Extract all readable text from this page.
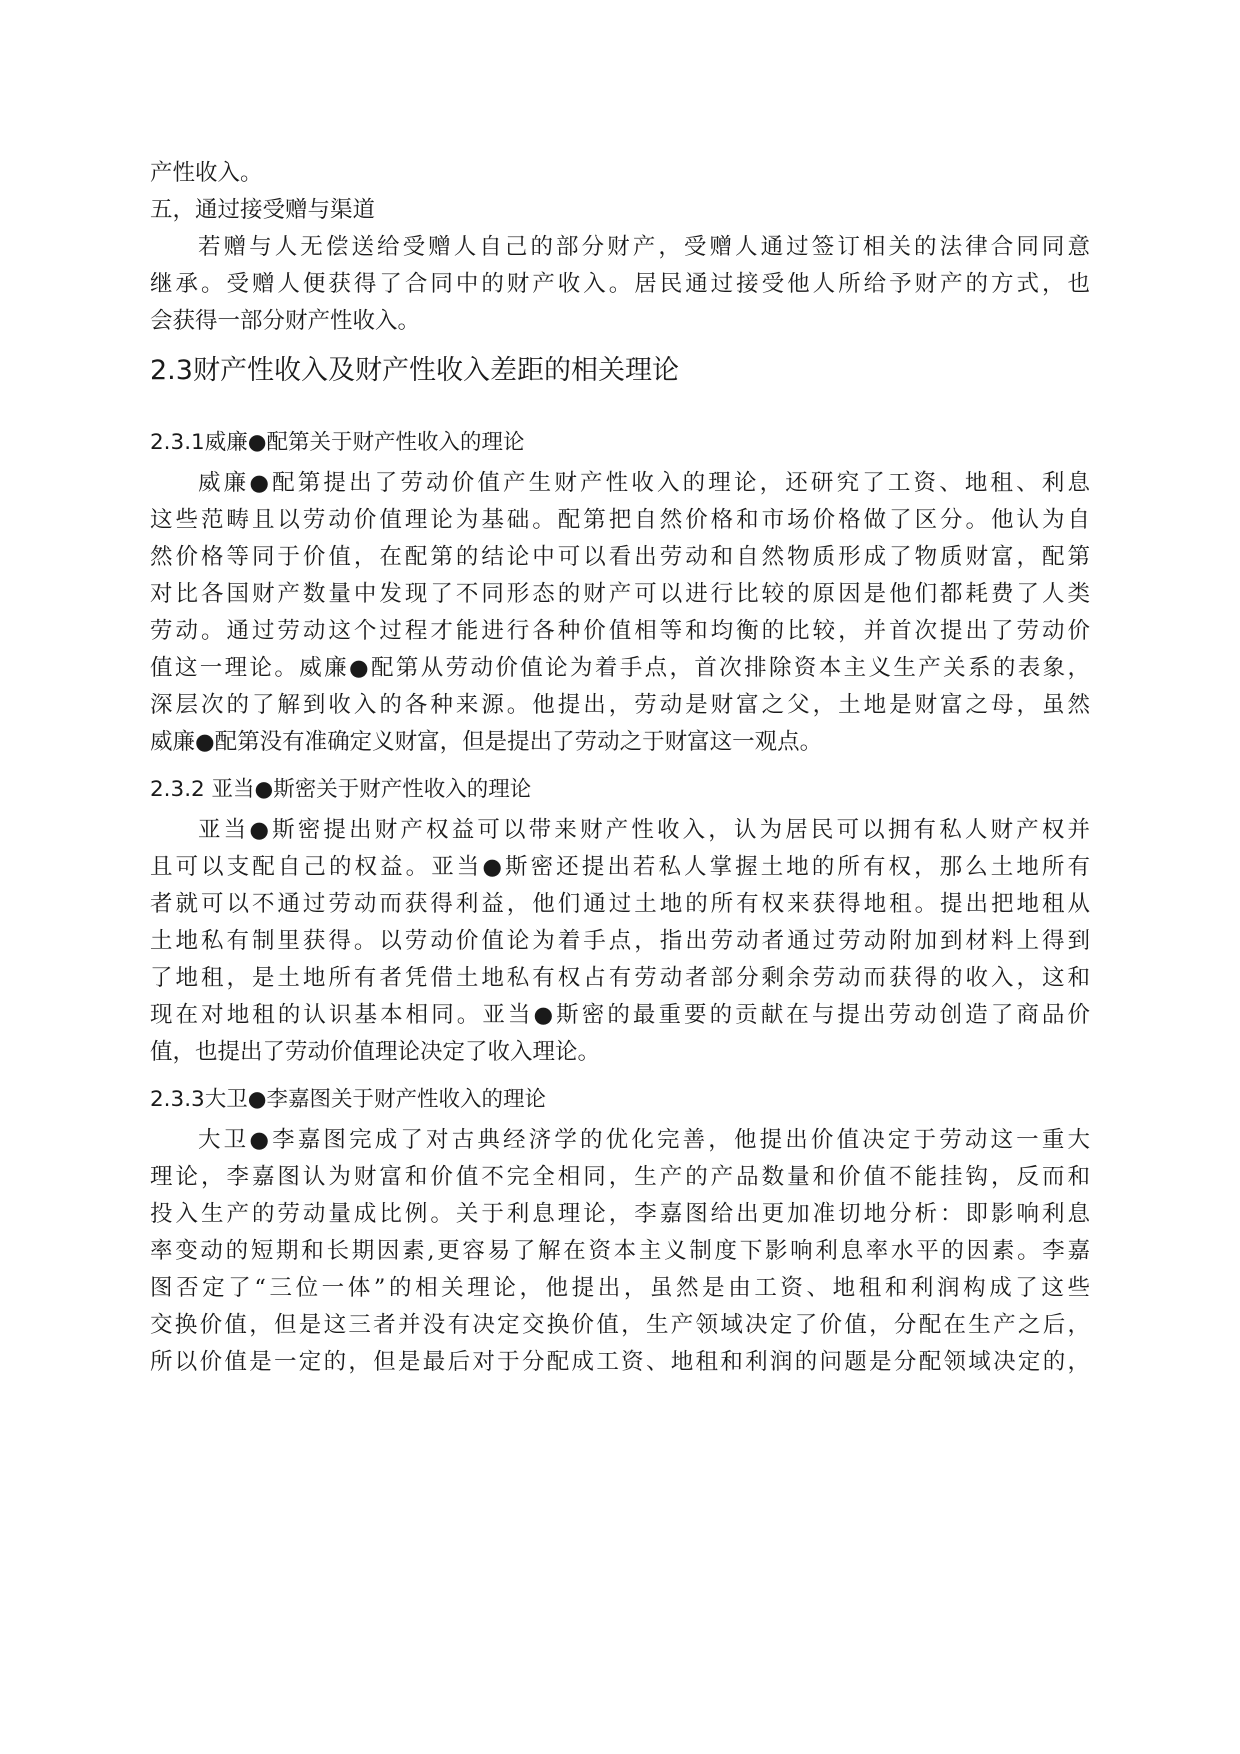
产性收入。
五，通过接受赠与渠道
若赠与人无偿送给受赠人自己的部分财产，受赠人通过签订相关的法律合同同意
继承。受赠人便获得了合同中的财产收入。居民通过接受他人所给予财产的方式，也
会获得一部分财产性收入。
2.3财产性收入及财产性收入差距的相关理论
2.3.1威廉●配第关于财产性收入的理论
威廉●配第提出了劳动价值产生财产性收入的理论，还研究了工资、地租、利息
这些范畴且以劳动价值理论为基础。配第把自然价格和市场价格做了区分。他认为自
然价格等同于价值，在配第的结论中可以看出劳动和自然物质形成了物质财富，配第
对比各国财产数量中发现了不同形态的财产可以进行比较的原因是他们都耗费了人类
劳动。通过劳动这个过程才能进行各种价值相等和均衡的比较，并首次提出了劳动价
值这一理论。威廉●配第从劳动价值论为着手点，首次排除资本主义生产关系的表象，
深层次的了解到收入的各种来源。他提出，劳动是财富之父，土地是财富之母，虽然
威廉●配第没有准确定义财富，但是提出了劳动之于财富这一观点。
2.3.2 亚当●斯密关于财产性收入的理论
亚当●斯密提出财产权益可以带来财产性收入，认为居民可以拥有私人财产权并
且可以支配自己的权益。亚当●斯密还提出若私人掌握土地的所有权，那么土地所有
者就可以不通过劳动而获得利益，他们通过土地的所有权来获得地租。提出把地租从
土地私有制里获得。以劳动价值论为着手点，指出劳动者通过劳动附加到材料上得到
了地租，是土地所有者凭借土地私有权占有劳动者部分剩余劳动而获得的收入，这和
现在对地租的认识基本相同。亚当●斯密的最重要的贡献在与提出劳动创造了商品价
值，也提出了劳动价值理论决定了收入理论。
2.3.3大卫●李嘉图关于财产性收入的理论
大卫●李嘉图完成了对古典经济学的优化完善，他提出价值决定于劳动这一重大
理论，李嘉图认为财富和价值不完全相同，生产的产品数量和价值不能挂钩，反而和
投入生产的劳动量成比例。关于利息理论，李嘉图给出更加准切地分析：即影响利息
率变动的短期和长期因素,更容易了解在资本主义制度下影响利息率水平的因素。李嘉
图否定了“三位一体”的相关理论，他提出，虽然是由工资、地租和利润构成了这些
交换价值，但是这三者并没有决定交换价值，生产领域决定了价值，分配在生产之后，
所以价值是一定的，但是最后对于分配成工资、地租和利润的问题是分配领域决定的，
